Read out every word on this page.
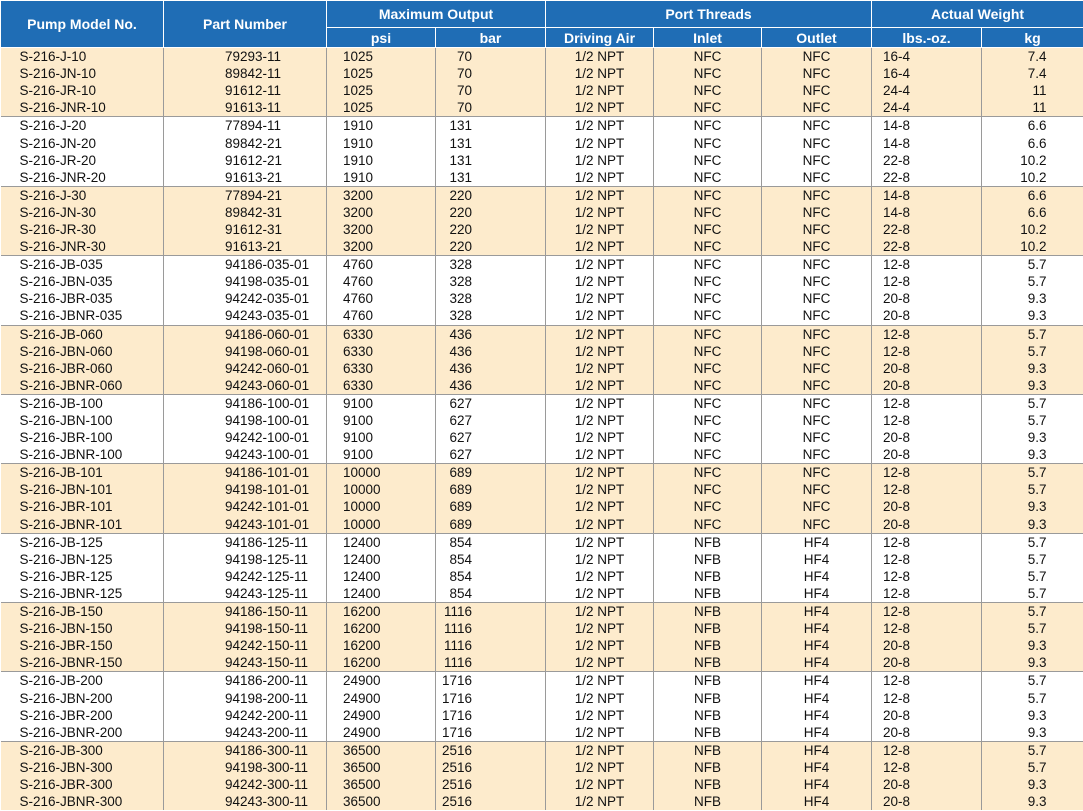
Pump Model No.	Part Number	Maximum Output		Port Threads			Actual Weight	
		psi	bar	Driving Air	Inlet	Outlet	lbs.-oz.	kg
S-216-J-10	79293-11	1025	70	1/2 NPT	NFC	NFC	16-4	7.4
S-216-JN-10	89842-11	1025	70	1/2 NPT	NFC	NFC	16-4	7.4
S-216-JR-10	91612-11	1025	70	1/2 NPT	NFC	NFC	24-4	11
S-216-JNR-10	91613-11	1025	70	1/2 NPT	NFC	NFC	24-4	11
S-216-J-20	77894-11	1910	131	1/2 NPT	NFC	NFC	14-8	6.6
S-216-JN-20	89842-21	1910	131	1/2 NPT	NFC	NFC	14-8	6.6
S-216-JR-20	91612-21	1910	131	1/2 NPT	NFC	NFC	22-8	10.2
S-216-JNR-20	91613-21	1910	131	1/2 NPT	NFC	NFC	22-8	10.2
S-216-J-30	77894-21	3200	220	1/2 NPT	NFC	NFC	14-8	6.6
S-216-JN-30	89842-31	3200	220	1/2 NPT	NFC	NFC	14-8	6.6
S-216-JR-30	91612-31	3200	220	1/2 NPT	NFC	NFC	22-8	10.2
S-216-JNR-30	91613-21	3200	220	1/2 NPT	NFC	NFC	22-8	10.2
S-216-JB-035	94186-035-01	4760	328	1/2 NPT	NFC	NFC	12-8	5.7
S-216-JBN-035	94198-035-01	4760	328	1/2 NPT	NFC	NFC	12-8	5.7
S-216-JBR-035	94242-035-01	4760	328	1/2 NPT	NFC	NFC	20-8	9.3
S-216-JBNR-035	94243-035-01	4760	328	1/2 NPT	NFC	NFC	20-8	9.3
S-216-JB-060	94186-060-01	6330	436	1/2 NPT	NFC	NFC	12-8	5.7
S-216-JBN-060	94198-060-01	6330	436	1/2 NPT	NFC	NFC	12-8	5.7
S-216-JBR-060	94242-060-01	6330	436	1/2 NPT	NFC	NFC	20-8	9.3
S-216-JBNR-060	94243-060-01	6330	436	1/2 NPT	NFC	NFC	20-8	9.3
S-216-JB-100	94186-100-01	9100	627	1/2 NPT	NFC	NFC	12-8	5.7
S-216-JBN-100	94198-100-01	9100	627	1/2 NPT	NFC	NFC	12-8	5.7
S-216-JBR-100	94242-100-01	9100	627	1/2 NPT	NFC	NFC	20-8	9.3
S-216-JBNR-100	94243-100-01	9100	627	1/2 NPT	NFC	NFC	20-8	9.3
S-216-JB-101	94186-101-01	10000	689	1/2 NPT	NFC	NFC	12-8	5.7
S-216-JBN-101	94198-101-01	10000	689	1/2 NPT	NFC	NFC	12-8	5.7
S-216-JBR-101	94242-101-01	10000	689	1/2 NPT	NFC	NFC	20-8	9.3
S-216-JBNR-101	94243-101-01	10000	689	1/2 NPT	NFC	NFC	20-8	9.3
S-216-JB-125	94186-125-11	12400	854	1/2 NPT	NFB	HF4	12-8	5.7
S-216-JBN-125	94198-125-11	12400	854	1/2 NPT	NFB	HF4	12-8	5.7
S-216-JBR-125	94242-125-11	12400	854	1/2 NPT	NFB	HF4	12-8	5.7
S-216-JBNR-125	94243-125-11	12400	854	1/2 NPT	NFB	HF4	12-8	5.7
S-216-JB-150	94186-150-11	16200	1116	1/2 NPT	NFB	HF4	12-8	5.7
S-216-JBN-150	94198-150-11	16200	1116	1/2 NPT	NFB	HF4	12-8	5.7
S-216-JBR-150	94242-150-11	16200	1116	1/2 NPT	NFB	HF4	20-8	9.3
S-216-JBNR-150	94243-150-11	16200	1116	1/2 NPT	NFB	HF4	20-8	9.3
S-216-JB-200	94186-200-11	24900	1716	1/2 NPT	NFB	HF4	12-8	5.7
S-216-JBN-200	94198-200-11	24900	1716	1/2 NPT	NFB	HF4	12-8	5.7
S-216-JBR-200	94242-200-11	24900	1716	1/2 NPT	NFB	HF4	20-8	9.3
S-216-JBNR-200	94243-200-11	24900	1716	1/2 NPT	NFB	HF4	20-8	9.3
S-216-JB-300	94186-300-11	36500	2516	1/2 NPT	NFB	HF4	12-8	5.7
S-216-JBN-300	94198-300-11	36500	2516	1/2 NPT	NFB	HF4	12-8	5.7
S-216-JBR-300	94242-300-11	36500	2516	1/2 NPT	NFB	HF4	20-8	9.3
S-216-JBNR-300	94243-300-11	36500	2516	1/2 NPT	NFB	HF4	20-8	9.3
